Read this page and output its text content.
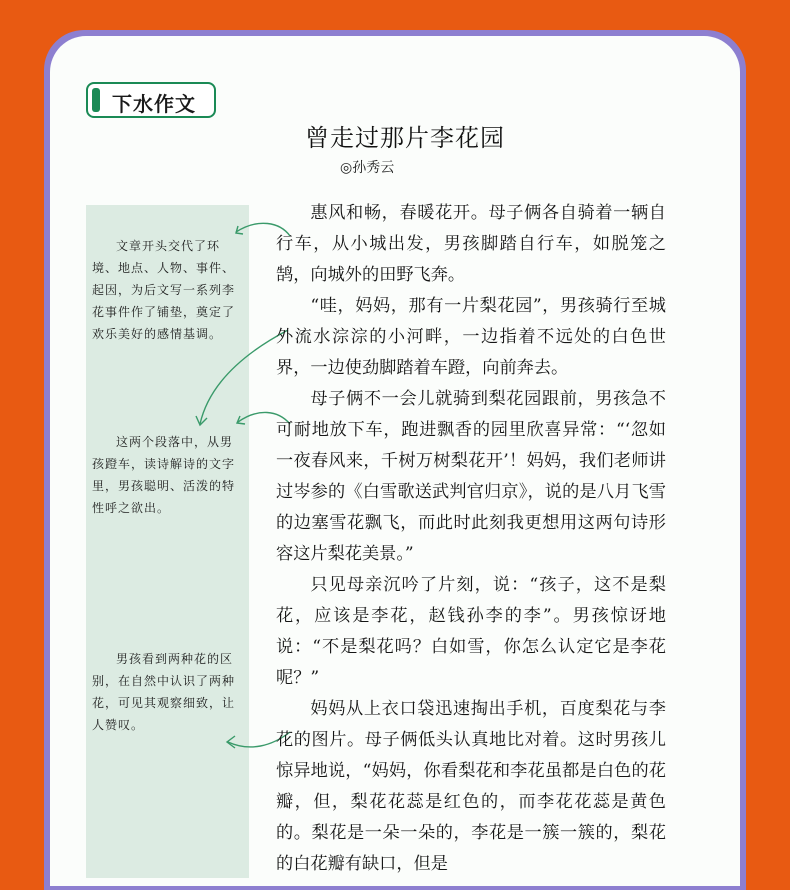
下水作文
曾走过那片李花园
◎孙秀云
文章开头交代了环境、地点、人物、事件、起因，为后文写一系列李花事件作了铺垫，奠定了欢乐美好的感情基调。
这两个段落中，从男孩蹬车，读诗解诗的文字里，男孩聪明、活泼的特性呼之欲出。
男孩看到两种花的区别，在自然中认识了两种花，可见其观察细致，让人赞叹。

惠风和畅，春暖花开。母子俩各自骑着一辆自行车，从小城出发，男孩脚踏自行车，如脱笼之鹄，向城外的田野飞奔。

“哇，妈妈，那有一片梨花园”，男孩骑行至城外流水淙淙的小河畔，一边指着不远处的白色世界，一边使劲脚踏着车蹬，向前奔去。

母子俩不一会儿就骑到梨花园跟前，男孩急不可耐地放下车，跑进飘香的园里欣喜异常：“‘忽如一夜春风来，千树万树梨花开’！妈妈，我们老师讲过岑参的《白雪歌送武判官归京》，说的是八月飞雪的边塞雪花飘飞，而此时此刻我更想用这两句诗形容这片梨花美景。”

只见母亲沉吟了片刻，说：“孩子，这不是梨花，应该是李花，赵钱孙李的李”。男孩惊讶地说：“不是梨花吗？白如雪，你怎么认定它是李花呢？”

妈妈从上衣口袋迅速掏出手机，百度梨花与李花的图片。母子俩低头认真地比对着。这时男孩儿惊异地说，“妈妈，你看梨花和李花虽都是白色的花瓣，但，梨花花蕊是红色的，而李花花蕊是黄色的。梨花是一朵一朵的，李花是一簇一簇的，梨花的白花瓣有缺口，但是
